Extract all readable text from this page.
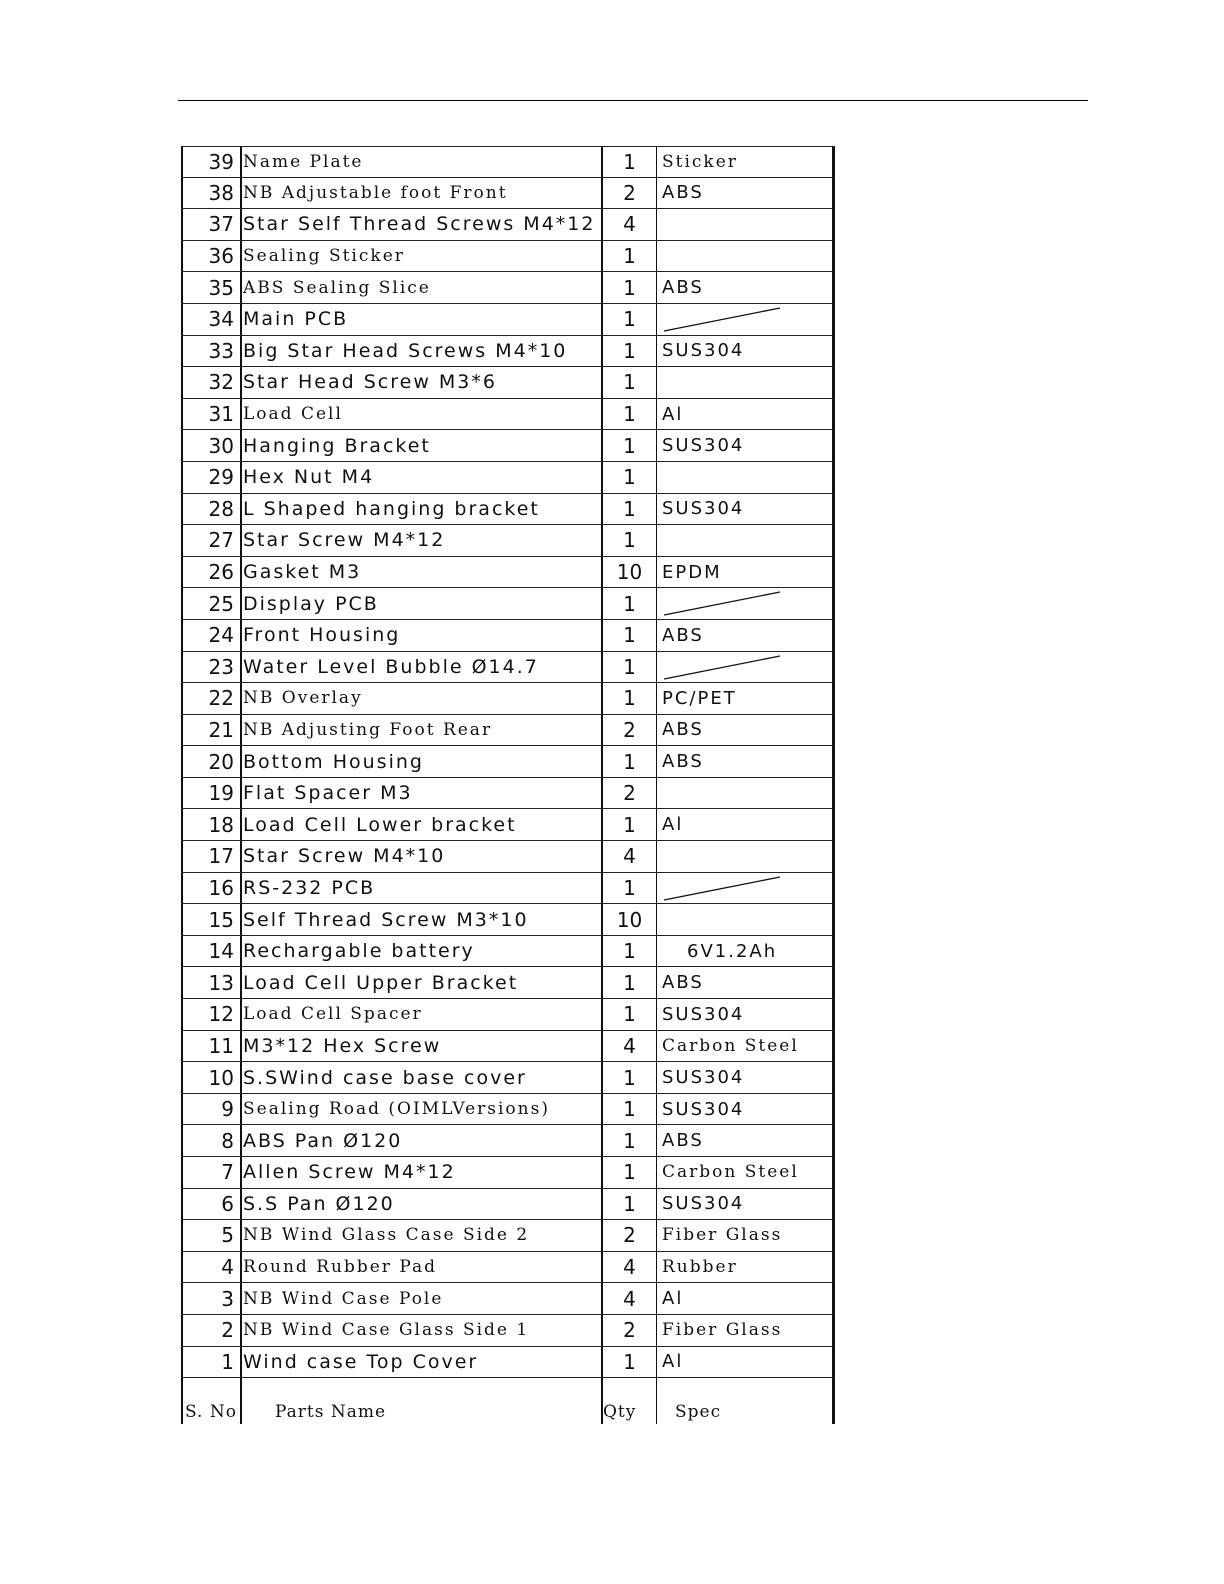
39 Name Plate	1	Sticker
38 NB Adjustable foot Front	2	ABS
37 Star Self Thread Screws M4*12	4
36 Sealing Sticker	1
35 ABS Sealing Slice	1	ABS
34 Main PCB	1
33 Big Star Head Screws M4*10	1	SUS304
32 Star Head Screw M3*6	1
31 Load Cell	1	Al
30 Hanging Bracket	1	SUS304
29 Hex Nut M4	1
28 L Shaped hanging bracket	1	SUS304
27 Star Screw M4*12	1
26 Gasket M3	10	EPDM
25 Display PCB	1
24 Front Housing	1	ABS
23 Water Level Bubble Ø14.7	1
22 NB Overlay	1	PC/PET
21 NB Adjusting Foot Rear	2	ABS
20 Bottom Housing	1	ABS
19 Flat Spacer M3	2
18 Load Cell Lower bracket	1	Al
17 Star Screw M4*10	4
16 RS-232 PCB	1
15 Self Thread Screw M3*10	10
14 Rechargable battery	1	6V1.2Ah
13 Load Cell Upper Bracket	1	ABS
12 Load Cell Spacer	1	SUS304
11 M3*12 Hex Screw	4	Carbon Steel
10 S.SWind case base cover	1	SUS304
9 Sealing Road (OIMLVersions)	1	SUS304
8 ABS Pan Ø120	1	ABS
7 Allen Screw M4*12	1	Carbon Steel
6 S.S Pan Ø120	1	SUS304
5 NB Wind Glass Case Side 2	2	Fiber Glass
4 Round Rubber Pad	4	Rubber
3 NB Wind Case Pole	4	Al
2 NB Wind Case Glass Side 1	2	Fiber Glass
1 Wind case Top Cover	1	Al
S. No	Parts Name	Qty	Spec
